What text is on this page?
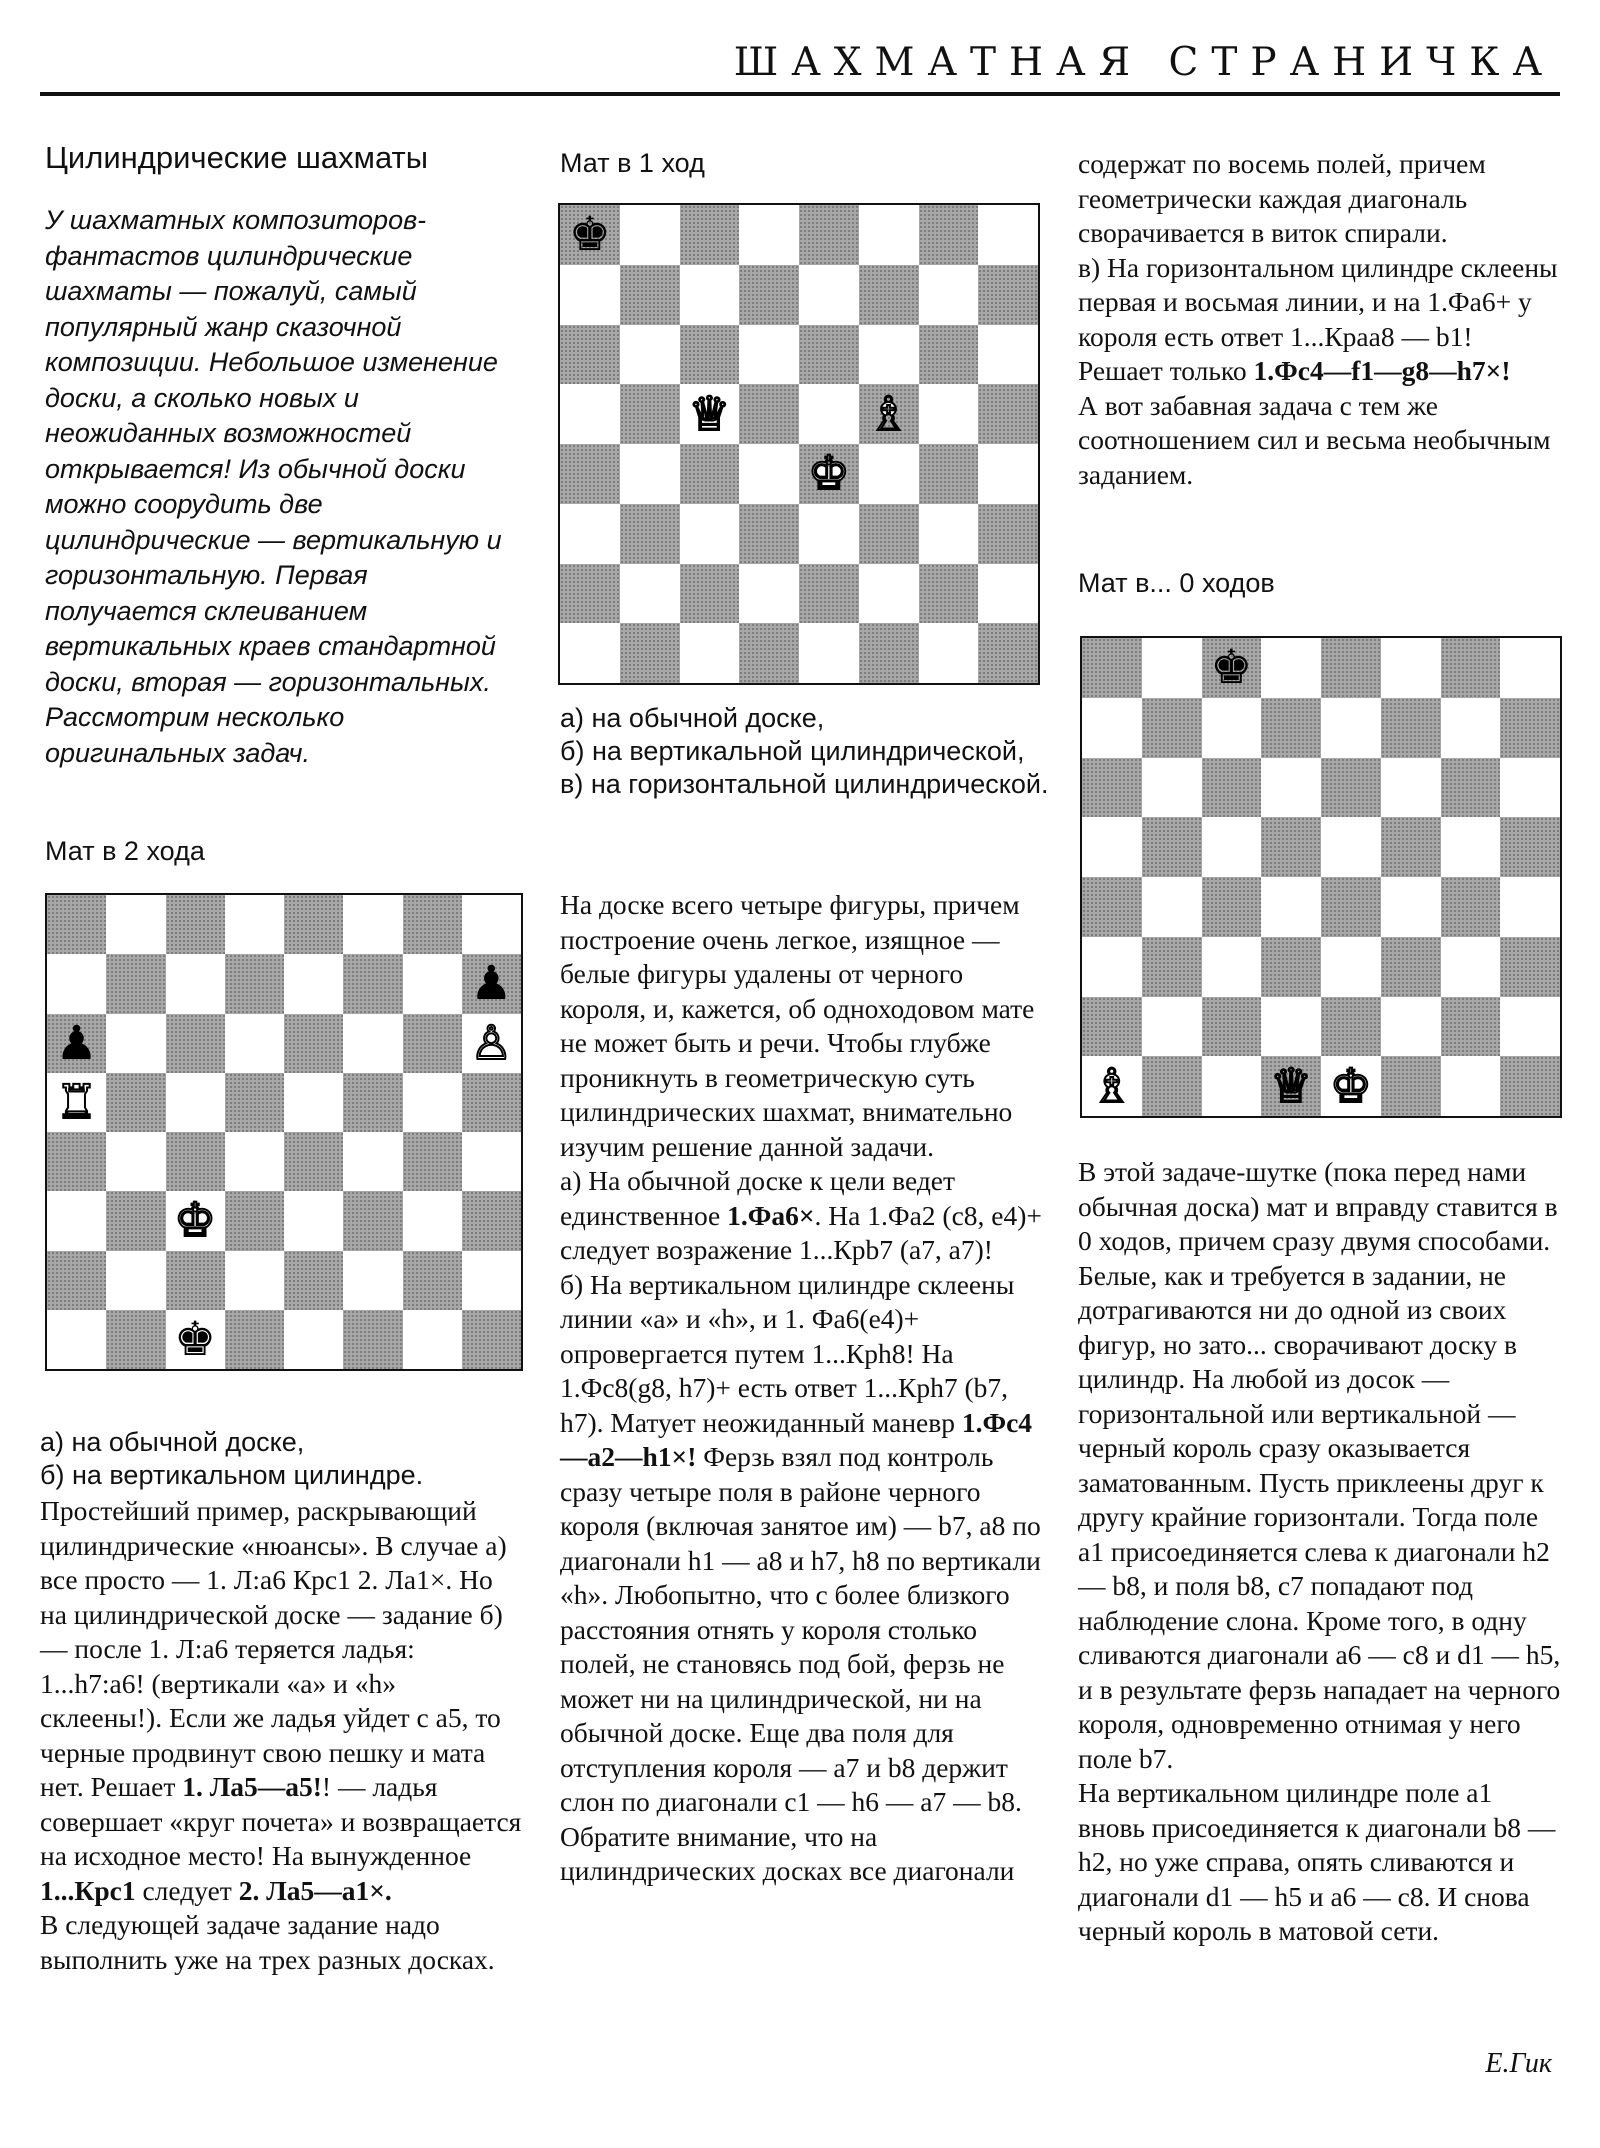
ШАХМАТНАЯ СТРАНИЧКА
Цилиндрические шахматы

У шахматных композиторов-фантастов цилиндрические шахматы — пожалуй, самый популярный жанр сказочной композиции. Небольшое изменение доски, а сколько новых и неожиданных возможностей открывается! Из обычной доски можно соорудить две цилиндрические — вертикальную и горизонтальную. Первая получается склеиванием вертикальных краев стандартной доски, вторая — горизонтальных. Рассмотрим несколько оригинальных задач.

Мат в 2 хода
♟
♟	♙
♜
♚
♚

а) на обычной доске,

б) на вертикальном цилиндре.

Простейший пример, раскрывающий цилиндрические «нюансы». В случае а) все просто — 1. Л:а6 Крс1 2. Ла1×. Но на цилиндрической доске — задание б) — после 1. Л:а6 теряется ладья: 1...h7:а6! (вертикали «а» и «h» склеены!). Если же ладья уйдет с а5, то черные продвинут свою пешку и мата нет. Решает 1. Ла5—а5!! — ладья совершает «круг почета» и возвращается на исходное место! На вынужденное 1...Крс1 следует 2. Ла5—а1×.

В следующей задаче задание надо выполнить уже на трех разных досках.

Мат в 1 ход
♚
♕	♗
♚

а) на обычной доске,

б) на вертикальной цилиндрической,

в) на горизонтальной цилиндрической.

На доске всего четыре фигуры, причем построение очень легкое, изящное — белые фигуры удалены от черного короля, и, кажется, об одноходовом мате не может быть и речи. Чтобы глубже проникнуть в геометрическую суть цилиндрических шахмат, внимательно изучим решение данной задачи.

а) На обычной доске к цели ведет единственное 1.Фа6×. На 1.Фа2 (с8, е4)+ следует возражение 1...Крb7 (а7, а7)!

б) На вертикальном цилиндре склеены линии «а» и «h», и 1. Фа6(е4)+ опровергается путем 1...Крh8! На 1.Фс8(g8, h7)+ есть ответ 1...Крh7 (b7, h7). Матует неожиданный маневр 1.Фс4—а2—h1×! Ферзь взял под контроль сразу четыре поля в районе черного короля (включая занятое им) — b7, а8 по диагонали h1 — а8 и h7, h8 по вертикали «h». Любопытно, что с более близкого расстояния отнять у короля столько полей, не становясь под бой, ферзь не может ни на цилиндрической, ни на обычной доске. Еще два поля для отступления короля — а7 и b8 держит слон по диагонали с1 — h6 — а7 — b8.

Обратите внимание, что на цилиндрических досках все диагонали

содержат по восемь полей, причем геометрически каждая диагональ сворачивается в виток спирали.

в) На горизонтальном цилиндре склеены первая и восьмая линии, и на 1.Фа6+ у короля есть ответ 1...Краа8 — b1! Решает только 1.Фс4—f1—g8—h7×!

А вот забавная задача с тем же соотношением сил и весьма необычным заданием.

Мат в... 0 ходов
♚
♗	♕ ♚

В этой задаче-шутке (пока перед нами обычная доска) мат и вправду ставится в 0 ходов, причем сразу двумя способами. Белые, как и требуется в задании, не дотрагиваются ни до одной из своих фигур, но зато... сворачивают доску в цилиндр. На любой из досок — горизонтальной или вертикальной — черный король сразу оказывается заматованным. Пусть приклеены друг к другу крайние горизонтали. Тогда поле а1 присоединяется слева к диагонали h2 — b8, и поля b8, с7 попадают под наблюдение слона. Кроме того, в одну сливаются диагонали а6 — с8 и d1 — h5, и в результате ферзь нападает на черного короля, одновременно отнимая у него поле b7.

На вертикальном цилиндре поле а1 вновь присоединяется к диагонали b8 — h2, но уже справа, опять сливаются и диагонали d1 — h5 и а6 — с8. И снова черный король в матовой сети.

Е.Гик
